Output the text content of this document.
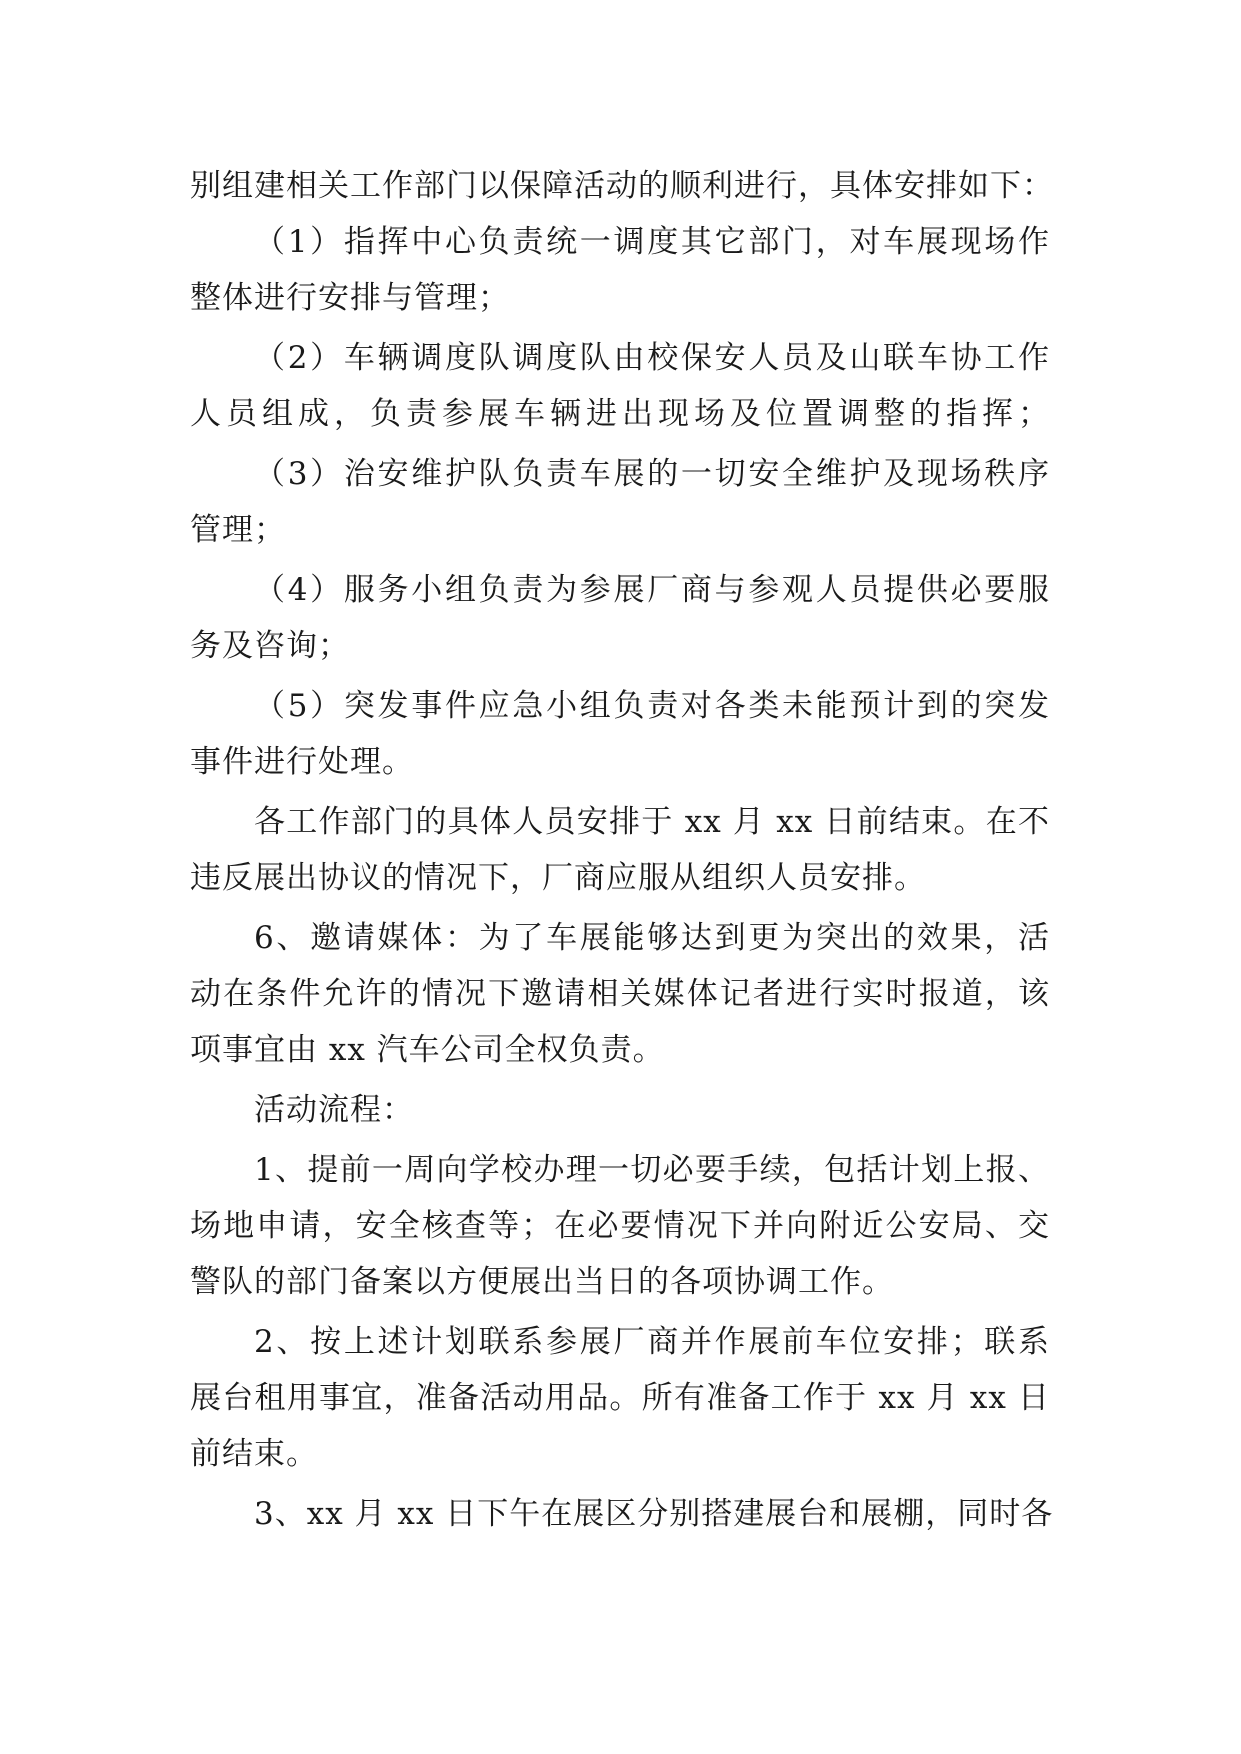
别组建相关工作部门以保障活动的顺利进行，具体安排如下：
（1）指挥中心负责统一调度其它部门，对车展现场作
整体进行安排与管理；
（2）车辆调度队调度队由校保安人员及山联车协工作
人员组成，负责参展车辆进出现场及位置调整的指挥；
（3）治安维护队负责车展的一切安全维护及现场秩序
管理；
（4）服务小组负责为参展厂商与参观人员提供必要服
务及咨询；
（5）突发事件应急小组负责对各类未能预计到的突发
事件进行处理。
各工作部门的具体人员安排于 xx 月 xx 日前结束。在不
违反展出协议的情况下，厂商应服从组织人员安排。
6、邀请媒体：为了车展能够达到更为突出的效果，活
动在条件允许的情况下邀请相关媒体记者进行实时报道，该
项事宜由 xx 汽车公司全权负责。
活动流程：
1、提前一周向学校办理一切必要手续，包括计划上报、
场地申请，安全核查等；在必要情况下并向附近公安局、交
警队的部门备案以方便展出当日的各项协调工作。
2、按上述计划联系参展厂商并作展前车位安排；联系
展台租用事宜，准备活动用品。所有准备工作于 xx 月 xx 日
前结束。
3、xx 月 xx 日下午在展区分别搭建展台和展棚，同时各
